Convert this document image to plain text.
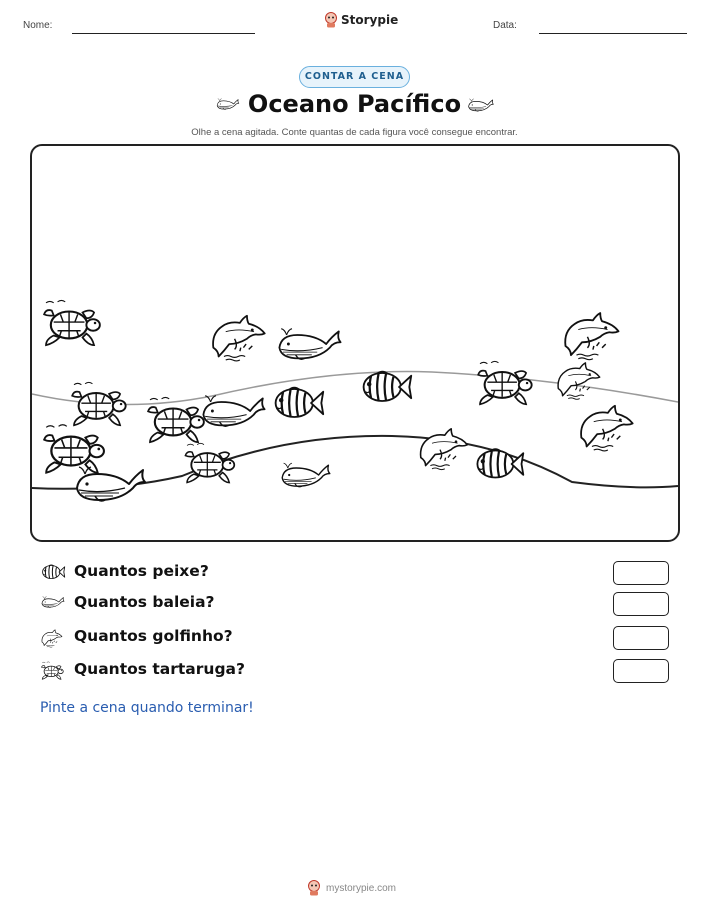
Nome:	Storypie	Data:
CONTAR A CENA
Oceano Pacífico
Olhe a cena agitada. Conte quantas de cada figura você consegue encontrar.
Quantos peixe?
Quantos baleia?
Quantos golfinho?
Quantos tartaruga?
Pinte a cena quando terminar!
mystorypie.com
